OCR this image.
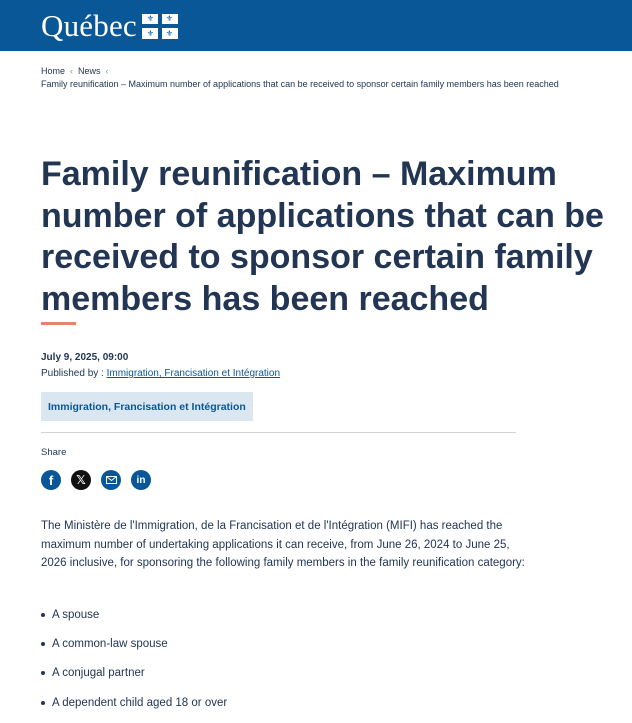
Québec ⚜ ⚜
⚜ ⚜
Home ‹ News ‹
Family reunification – Maximum number of applications that can be received to sponsor certain family members has been reached
Family reunification – Maximum number of applications that can be received to sponsor certain family members has been reached
July 9, 2025, 09:00
Published by : Immigration, Francisation et Intégration
Immigration, Francisation et Intégration
Share
f	𝕏	in

The Ministère de l'Immigration, de la Francisation et de l'Intégration (MIFI) has reached the maximum number of undertaking applications it can receive, from June 26, 2024 to June 25, 2026 inclusive, for sponsoring the following family members in the family reunification category:

A spouse
A common-law spouse
A conjugal partner
A dependent child aged 18 or over
